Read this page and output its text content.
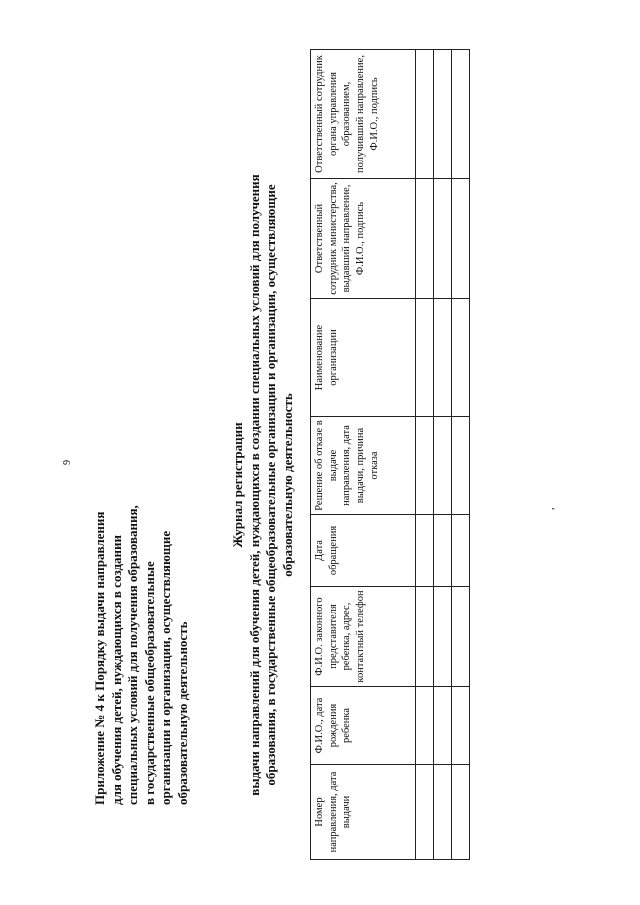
9
Приложение № 4 к Порядку выдачи направления для обучения детей, нуждающихся в создании специальных условий для получения образования, в государственные общеобразовательные организации и организации, осуществляющие образовательную деятельность
Журнал регистрации выдачи направлений для обучения детей, нуждающихся в создании специальных условий для получения образования, в государственные общеобразовательные организации и организации, осуществляющие образовательную деятельность
Номер направления, дата выдачи	Ф.И.О., дата рождения ребенка	Ф.И.О. законного представителя ребенка, адрес, контактный телефон	Дата обращения	Решение об отказе в выдаче направления, дата выдачи, причина отказа	Наименование организации	Ответственный сотрудник министерства, выдавший направление, Ф.И.О., подпись	Ответственный сотрудник органа управления образованием, получивший направление, Ф.И.О., подпись

,
